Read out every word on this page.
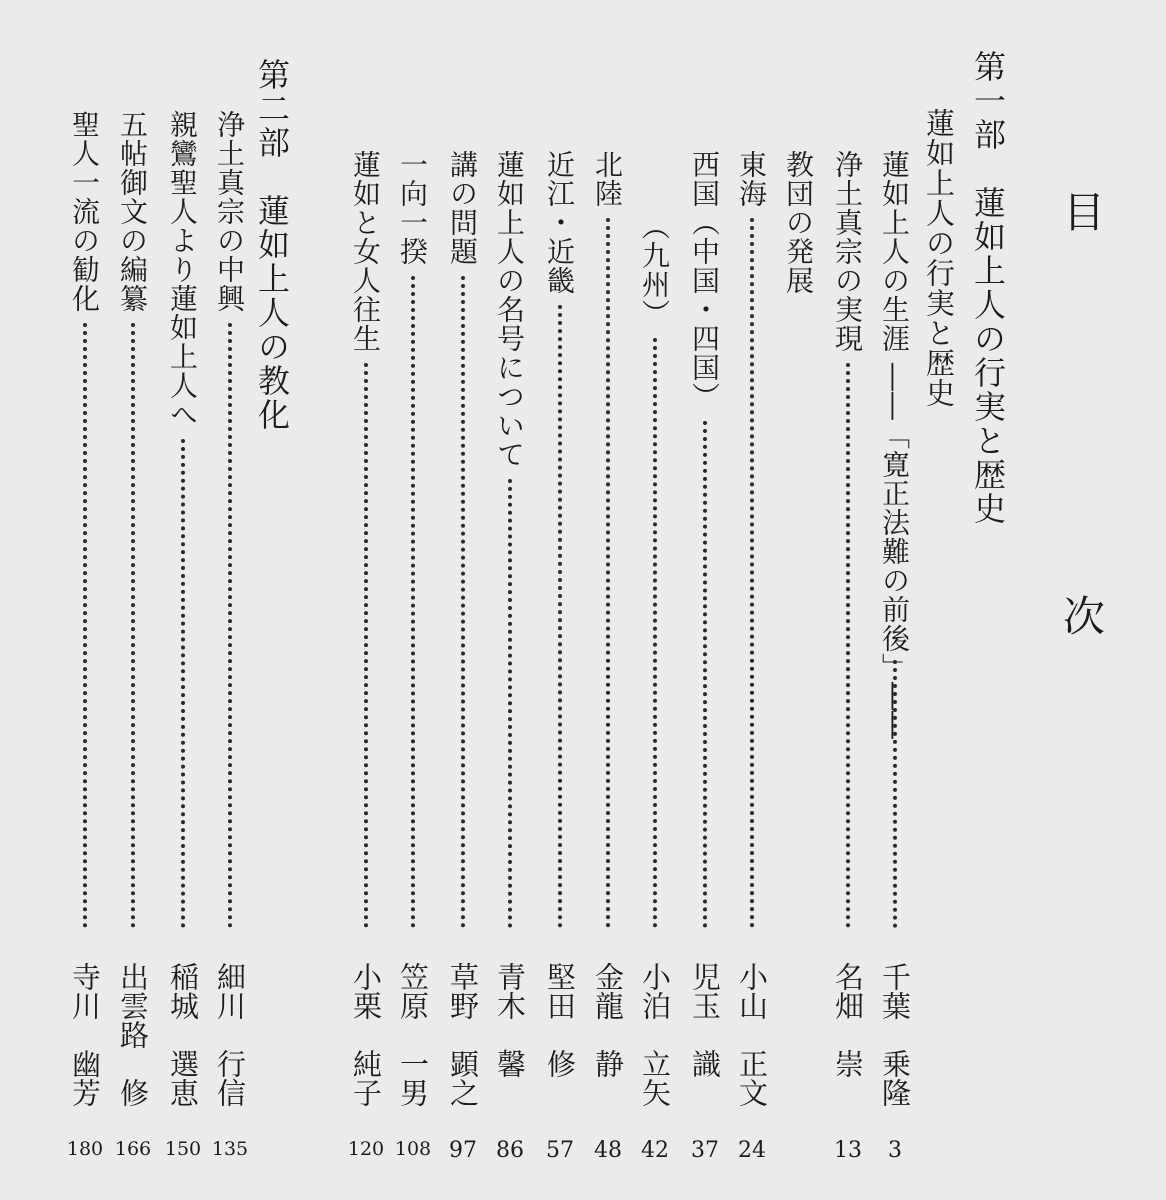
目　次
第一部　蓮如上人の行実と歴史
蓮如上人の行実と歴史
第二部　蓮如上人の教化	蓮如上人の生涯 ――「寛正法難の前後」――
千葉　乗隆
3
浄土真宗の実現
名畑　崇
13
教団の発展
東海
小山　正文
24
西国（中国・四国）
児玉　識
37
（九州）
小泊　立矢
42
北陸
金龍　静
48
近江・近畿
堅田　修
57
蓮如上人の名号について
青木　馨
86
講の問題
草野　顕之
97
一向一揆
笠原　一男
108
蓮如と女人往生
小栗　純子
120
浄土真宗の中興
細川　行信
135
親鸞聖人より蓮如上人へ
稲城　選恵
150
五帖御文の編纂
出雲路　修
166
聖人一流の勧化
寺川　幽芳
180
